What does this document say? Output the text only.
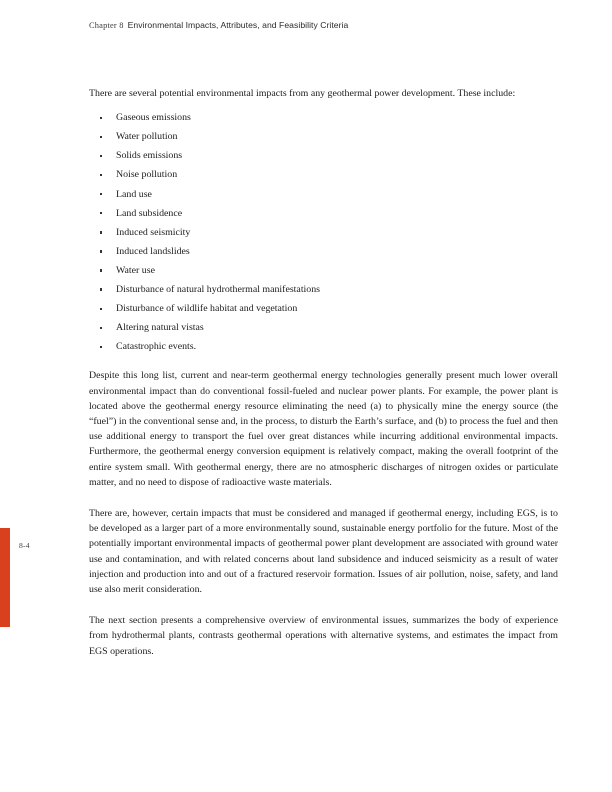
Chapter 8 Environmental Impacts, Attributes, and Feasibility Criteria
8-4

There are several potential environmental impacts from any geothermal power development. These include:

Gaseous emissions
Water pollution
Solids emissions
Noise pollution
Land use
Land subsidence
Induced seismicity
Induced landslides
Water use
Disturbance of natural hydrothermal manifestations
Disturbance of wildlife habitat and vegetation
Altering natural vistas
Catastrophic events.

Despite this long list, current and near-term geothermal energy technologies generally present much lower overall environmental impact than do conventional fossil-fueled and nuclear power plants. For example, the power plant is located above the geothermal energy resource eliminating the need (a) to physically mine the energy source (the “fuel”) in the conventional sense and, in the process, to disturb the Earth’s surface, and (b) to process the fuel and then use additional energy to transport the fuel over great distances while incurring additional environmental impacts. Furthermore, the geothermal energy conversion equipment is relatively compact, making the overall footprint of the entire system small. With geothermal energy, there are no atmospheric discharges of nitrogen oxides or particulate matter, and no need to dispose of radioactive waste materials.

There are, however, certain impacts that must be considered and managed if geothermal energy, including EGS, is to be developed as a larger part of a more environmentally sound, sustainable energy portfolio for the future. Most of the potentially important environmental impacts of geothermal power plant development are associated with ground water use and contamination, and with related concerns about land subsidence and induced seismicity as a result of water injection and production into and out of a fractured reservoir formation. Issues of air pollution, noise, safety, and land use also merit consideration.

The next section presents a comprehensive overview of environmental issues, summarizes the body of experience from hydrothermal plants, contrasts geothermal operations with alternative systems, and estimates the impact from EGS operations.
